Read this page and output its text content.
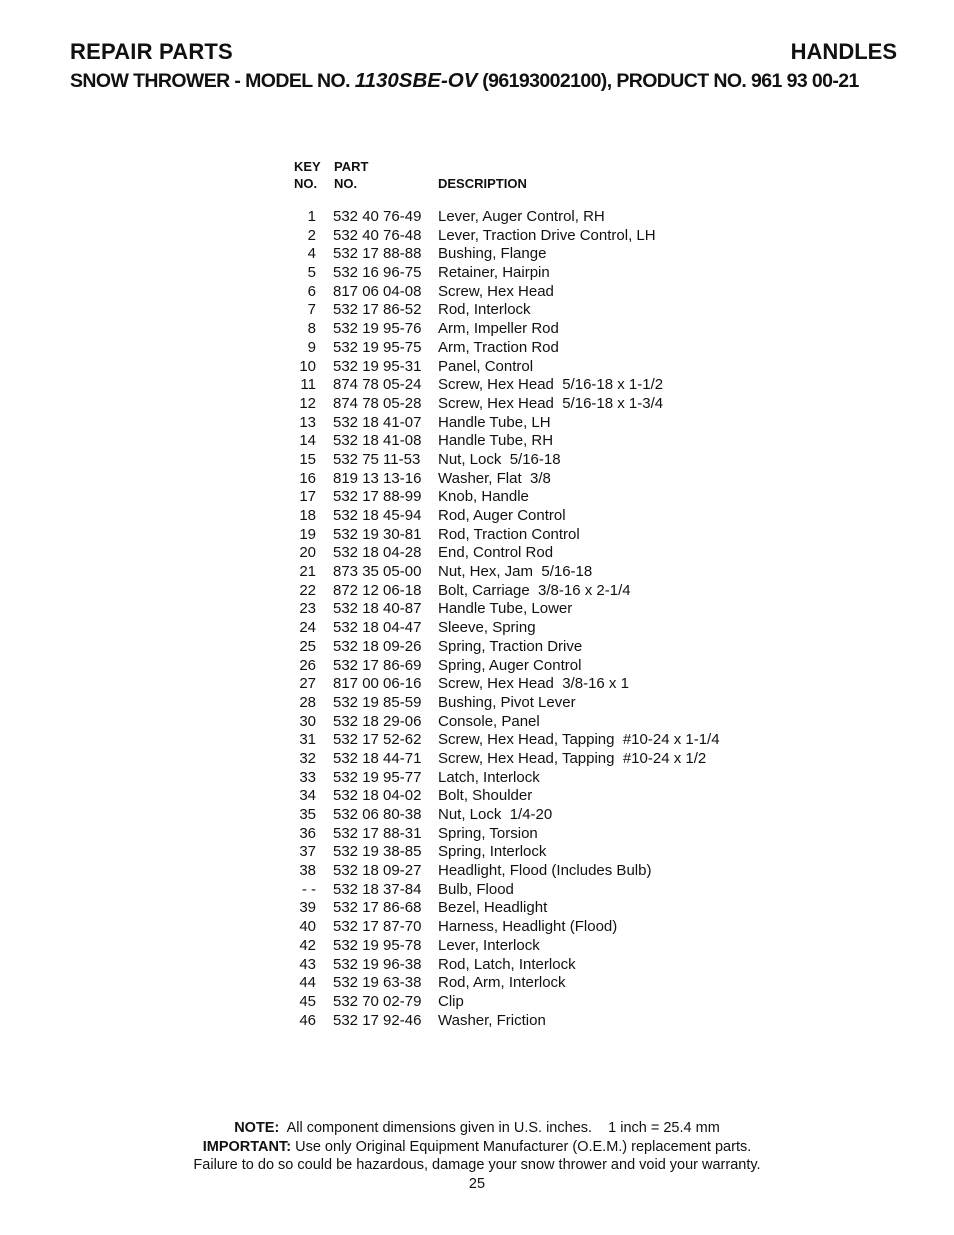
REPAIR PARTS	HANDLES
SNOW THROWER - MODEL NO. 1130SBE-OV (96193002100), PRODUCT NO. 961 93 00-21
KEY
NO.
PART
NO.	DESCRIPTION
1	532 40 76-49	Lever, Auger Control, RH
2	532 40 76-48	Lever, Traction Drive Control, LH
4	532 17 88-88	Bushing, Flange
5	532 16 96-75	Retainer, Hairpin
6	817 06 04-08	Screw, Hex Head
7	532 17 86-52	Rod, Interlock
8	532 19 95-76	Arm, Impeller Rod
9	532 19 95-75	Arm, Traction Rod
10	532 19 95-31	Panel, Control
11	874 78 05-24	Screw, Hex Head  5/16-18 x 1-1/2
12	874 78 05-28	Screw, Hex Head  5/16-18 x 1-3/4
13	532 18 41-07	Handle Tube, LH
14	532 18 41-08	Handle Tube, RH
15	532 75 11-53	Nut, Lock  5/16-18
16	819 13 13-16	Washer, Flat  3/8
17	532 17 88-99	Knob, Handle
18	532 18 45-94	Rod, Auger Control
19	532 19 30-81	Rod, Traction Control
20	532 18 04-28	End, Control Rod
21	873 35 05-00	Nut, Hex, Jam  5/16-18
22	872 12 06-18	Bolt, Carriage  3/8-16 x 2-1/4
23	532 18 40-87	Handle Tube, Lower
24	532 18 04-47	Sleeve, Spring
25	532 18 09-26	Spring, Traction Drive
26	532 17 86-69	Spring, Auger Control
27	817 00 06-16	Screw, Hex Head  3/8-16 x 1
28	532 19 85-59	Bushing, Pivot Lever
30	532 18 29-06	Console, Panel
31	532 17 52-62	Screw, Hex Head, Tapping  #10-24 x 1-1/4
32	532 18 44-71	Screw, Hex Head, Tapping  #10-24 x 1/2
33	532 19 95-77	Latch, Interlock
34	532 18 04-02	Bolt, Shoulder
35	532 06 80-38	Nut, Lock  1/4-20
36	532 17 88-31	Spring, Torsion
37	532 19 38-85	Spring, Interlock
38	532 18 09-27	Headlight, Flood (Includes Bulb)
- -	532 18 37-84	Bulb, Flood
39	532 17 86-68	Bezel, Headlight
40	532 17 87-70	Harness, Headlight (Flood)
42	532 19 95-78	Lever, Interlock
43	532 19 96-38	Rod, Latch, Interlock
44	532 19 63-38	Rod, Arm, Interlock
45	532 70 02-79	Clip
46	532 17 92-46	Washer, Friction
NOTE:  All component dimensions given in U.S. inches.    1 inch = 25.4 mm
IMPORTANT: Use only Original Equipment Manufacturer (O.E.M.) replacement parts.
Failure to do so could be hazardous, damage your snow thrower and void your warranty.
25
